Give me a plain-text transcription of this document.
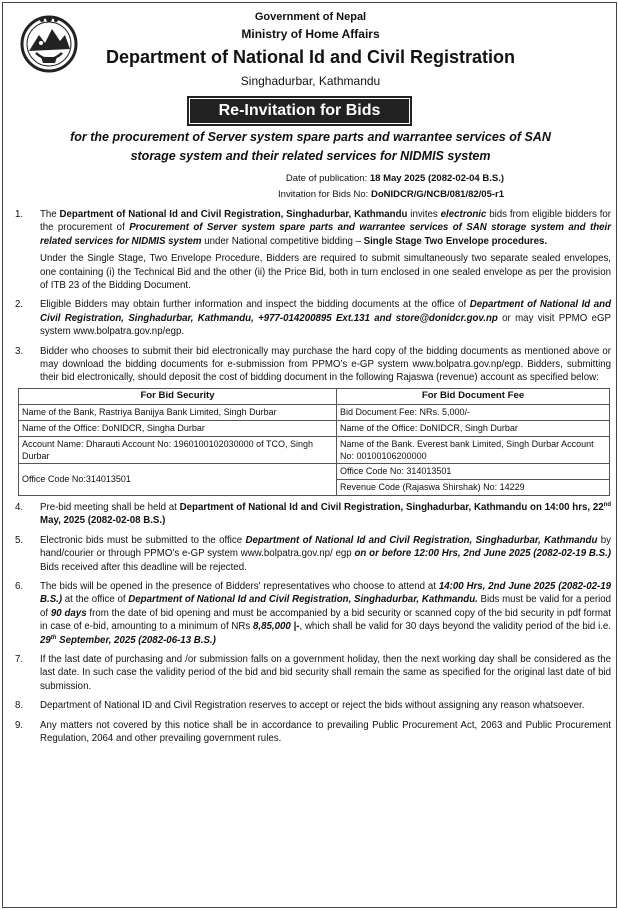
Government of Nepal
Ministry of Home Affairs
Department of National Id and Civil Registration
Singhadurbar, Kathmandu
Re-Invitation for Bids
for the procurement of Server system spare parts and warrantee services of SAN
storage system and their related services for NIDMIS system
Date of publication: 18 May 2025 (2082-02-04 B.S.)
Invitation for Bids No: DoNIDCR/G/NCB/081/82/05-r1
1.	The Department of National Id and Civil Registration, Singhadurbar, Kathmandu invites electronic bids from eligible bidders for the procurement of Procurement of Server system spare parts and warrantee services of SAN storage system and their related services for NIDMIS system under National competitive bidding – Single Stage Two Envelope procedures.
Under the Single Stage, Two Envelope Procedure, Bidders are required to submit simultaneously two separate sealed envelopes, one containing (i) the Technical Bid and the other (ii) the Price Bid, both in turn enclosed in one sealed envelope as per the provision of ITB 23 of the Bidding Document.
2.	Eligible Bidders may obtain further information and inspect the bidding documents at the office of Department of National Id and Civil Registration, Singhadurbar, Kathmandu, +977-014200895 Ext.131 and store@donidcr.gov.np or may visit PPMO eGP system www.bolpatra.gov.np/egp.
3.	Bidder who chooses to submit their bid electronically may purchase the hard copy of the bidding documents as mentioned above or may download the bidding documents for e-submission from PPMO’s e-GP system www.bolpatra.gov.np/egp. Bidders, submitting their bid electronically, should deposit the cost of bidding document in the following Rajaswa (revenue) account as specified below:
For Bid Security	For Bid Document Fee
Name of the Bank, Rastriya Banijya Bank Limited, Singh Durbar	Bid Document Fee: NRs. 5,000/-
Name of the Office: DoNIDCR, Singha Durbar	Name of the Office: DoNIDCR, Singh Durbar
Account Name: Dharauti Account No: 1960100102030000 of TCO, Singh Durbar	Name of the Bank. Everest bank Limited, Singh Durbar Account No: 00100106200000
Office Code No:314013501	Office Code No: 314013501
	Revenue Code (Rajaswa Shirshak) No: 14229
4.	Pre-bid meeting shall be held at Department of National Id and Civil Registration, Singhadurbar, Kathmandu on 14:00 hrs, 22nd May, 2025 (2082-02-08 B.S.)
5.	Electronic bids must be submitted to the office Department of National Id and Civil Registration, Singhadurbar, Kathmandu by hand/courier or through PPMO’s e-GP system www.bolpatra.gov.np/ egp on or before 12:00 Hrs, 2nd June 2025 (2082-02-19 B.S.) Bids received after this deadline will be rejected.
6.	The bids will be opened in the presence of Bidders' representatives who choose to attend at 14:00 Hrs, 2nd June 2025 (2082-02-19 B.S.) at the office of Department of National Id and Civil Registration, Singhadurbar, Kathmandu. Bids must be valid for a period of 90 days from the date of bid opening and must be accompanied by a bid security or scanned copy of the bid security in pdf format in case of e-bid, amounting to a minimum of NRs 8,85,000 |-, which shall be valid for 30 days beyond the validity period of the bid i.e. 29th September, 2025 (2082-06-13 B.S.)
7.	If the last date of purchasing and /or submission falls on a government holiday, then the next working day shall be considered as the last date. In such case the validity period of the bid and bid security shall remain the same as specified for the original last date of bid submission.
8.	Department of National ID and Civil Registration reserves to accept or reject the bids without assigning any reason whatsoever.
9.	Any matters not covered by this notice shall be in accordance to prevailing Public Procurement Act, 2063 and Public Procurement Regulation, 2064 and other prevailing government rules.
